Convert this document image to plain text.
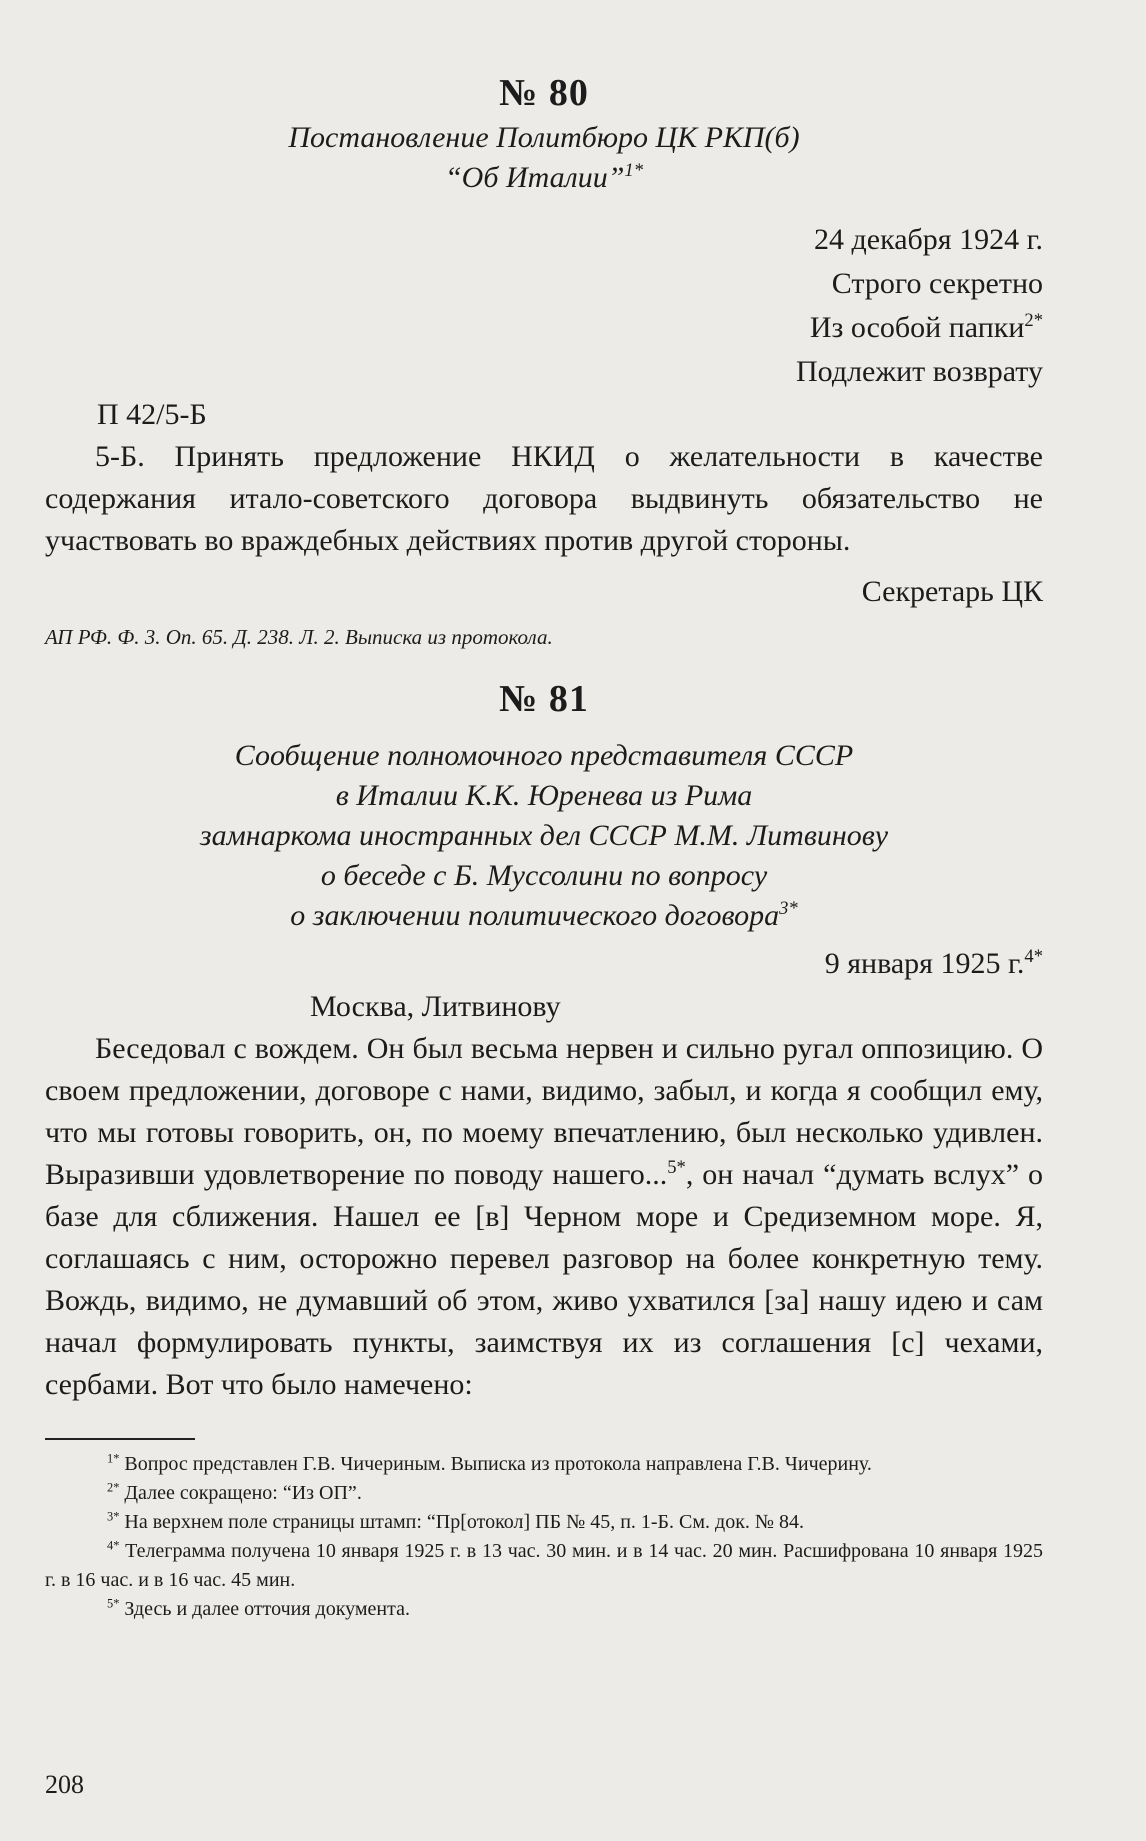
№ 80

Постановление Политбюро ЦК РКП(б)

“Об Италии”$^{1*}$

24 декабря 1924 г.

Строго секретно

Из особой папки$^{2*}$

Подлежит возврату

П 42/5-Б

5-Б. Принять предложение НКИД о желательности в качестве содержания итало-советского договора выдвинуть обязательство не участвовать во враждебных действиях против другой стороны.

Секретарь ЦК

АП РФ. Ф. 3. Оп. 65. Д. 238. Л. 2. Выписка из протокола.

№ 81

Сообщение полномочного представителя СССР

в Италии К.К. Юренева из Рима

замнаркома иностранных дел СССР М.М. Литвинову

о беседе с Б. Муссолини по вопросу

о заключении политического договора$^{3*}$

9 января 1925 г.$^{4*}$

Москва, Литвинову

Беседовал с вождем. Он был весьма нервен и сильно ругал оппозицию. О своем предложении, договоре с нами, видимо, забыл, и когда я сообщил ему, что мы готовы говорить, он, по моему впечатлению, был несколько удивлен. Выразивши удовлетворение по поводу нашего...$^{5*}$, он начал “думать вслух” о базе для сближения. Нашел ее [в] Черном море и Средиземном море. Я, соглашаясь с ним, осторожно перевел разговор на более конкретную тему. Вождь, видимо, не думавший об этом, живо ухватился [за] нашу идею и сам начал формулировать пункты, заимствуя их из соглашения [с] чехами, сербами. Вот что было намечено:

$^{1*}$ Вопрос представлен Г.В. Чичериным. Выписка из протокола направлена Г.В. Чичерину.

$^{2*}$ Далее сокращено: “Из ОП”.

$^{3*}$ На верхнем поле страницы штамп: “Пр[отокол] ПБ № 45, п. 1-Б. См. док. № 84.

$^{4*}$ Телеграмма получена 10 января 1925 г. в 13 час. 30 мин. и в 14 час. 20 мин. Расшифрована 10 января 1925 г. в 16 час. и в 16 час. 45 мин.

$^{5*}$ Здесь и далее отточия документа.

208
